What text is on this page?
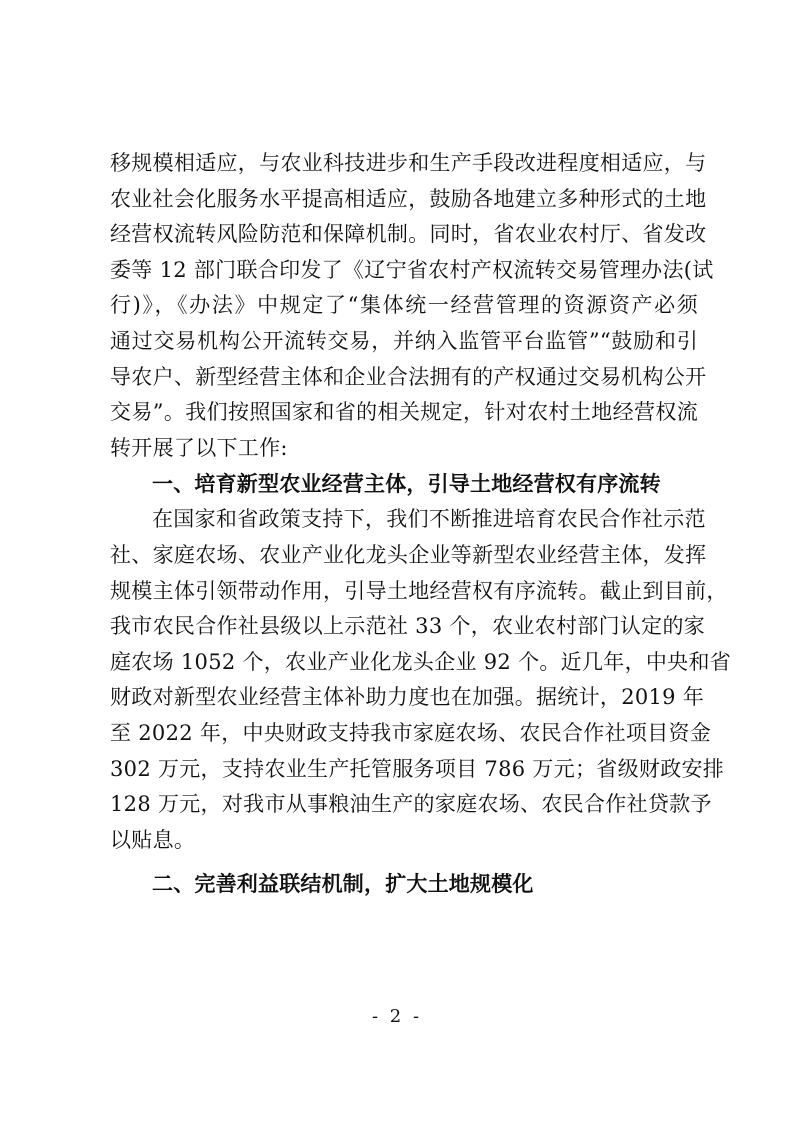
移规模相适应，与农业科技进步和生产手段改进程度相适应，与
农业社会化服务水平提高相适应，鼓励各地建立多种形式的土地
经营权流转风险防范和保障机制。同时，省农业农村厅、省发改
委等 12 部门联合印发了《辽宁省农村产权流转交易管理办法(试
行)》，《办法》中规定了“集体统一经营管理的资源资产必须
通过交易机构公开流转交易，并纳入监管平台监管”“鼓励和引
导农户、新型经营主体和企业合法拥有的产权通过交易机构公开
交易”。我们按照国家和省的相关规定，针对农村土地经营权流
转开展了以下工作:
一、培育新型农业经营主体，引导土地经营权有序流转
在国家和省政策支持下，我们不断推进培育农民合作社示范
社、家庭农场、农业产业化龙头企业等新型农业经营主体，发挥
规模主体引领带动作用，引导土地经营权有序流转。截止到目前，
我市农民合作社县级以上示范社 33 个，农业农村部门认定的家
庭农场 1052 个，农业产业化龙头企业 92 个。近几年，中央和省
财政对新型农业经营主体补助力度也在加强。据统计，2019 年
至 2022 年，中央财政支持我市家庭农场、农民合作社项目资金
302 万元，支持农业生产托管服务项目 786 万元；省级财政安排
128 万元，对我市从事粮油生产的家庭农场、农民合作社贷款予
以贴息。
二、完善利益联结机制，扩大土地规模化
- 2 -
